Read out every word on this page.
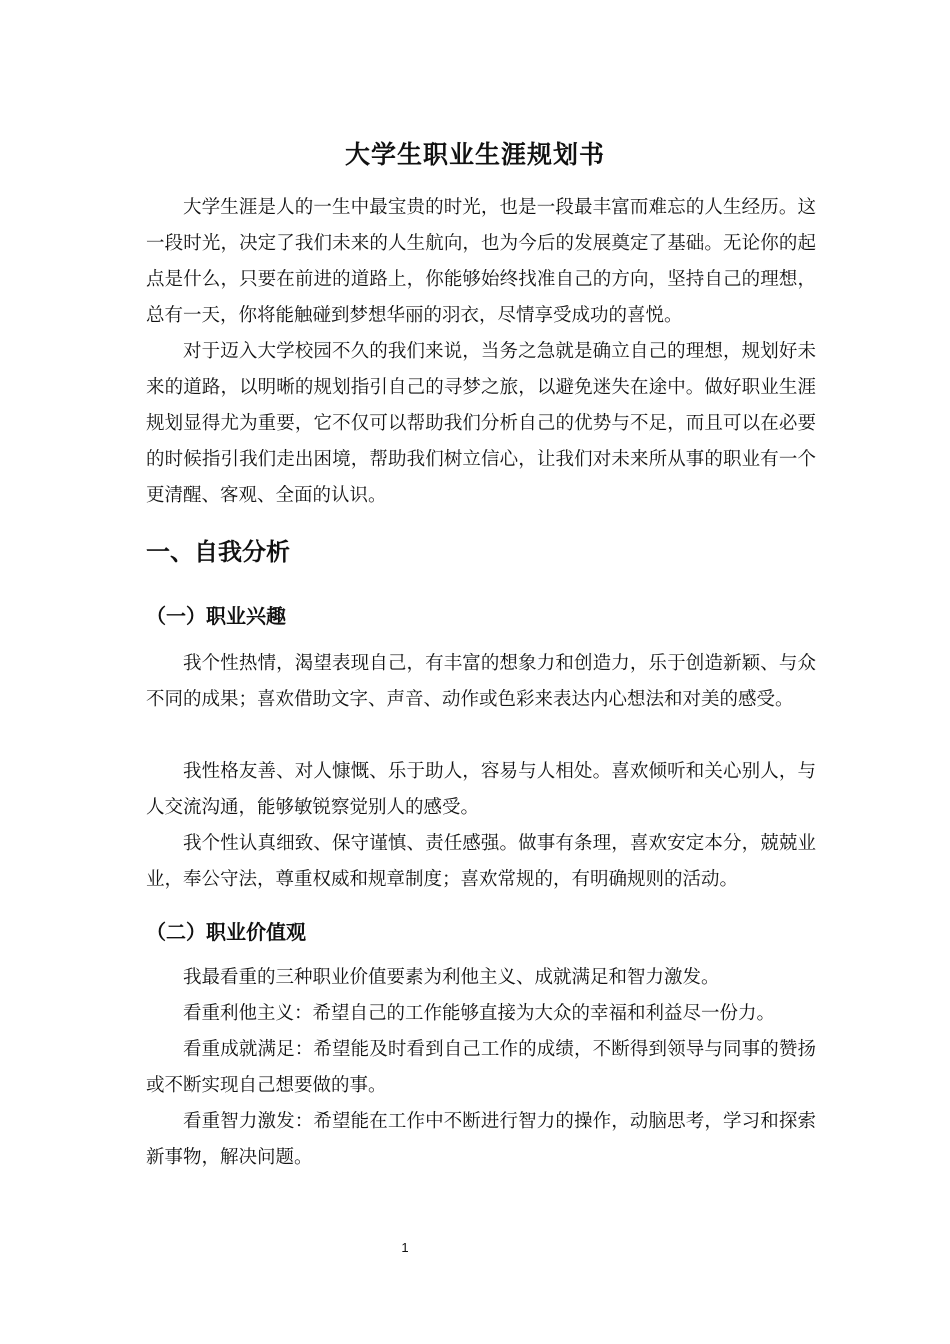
大学生职业生涯规划书

大学生涯是人的一生中最宝贵的时光，也是一段最丰富而难忘的人生经历。这一段时光，决定了我们未来的人生航向，也为今后的发展奠定了基础。无论你的起点是什么，只要在前进的道路上，你能够始终找准自己的方向，坚持自己的理想，总有一天，你将能触碰到梦想华丽的羽衣，尽情享受成功的喜悦。

对于迈入大学校园不久的我们来说，当务之急就是确立自己的理想，规划好未来的道路，以明晰的规划指引自己的寻梦之旅，以避免迷失在途中。做好职业生涯规划显得尤为重要，它不仅可以帮助我们分析自己的优势与不足，而且可以在必要的时候指引我们走出困境，帮助我们树立信心，让我们对未来所从事的职业有一个更清醒、客观、全面的认识。

一、自我分析
（一）职业兴趣

我个性热情，渴望表现自己，有丰富的想象力和创造力，乐于创造新颖、与众不同的成果；喜欢借助文字、声音、动作或色彩来表达内心想法和对美的感受。

我性格友善、对人慷慨、乐于助人，容易与人相处。喜欢倾听和关心别人，与人交流沟通，能够敏锐察觉别人的感受。

我个性认真细致、保守谨慎、责任感强。做事有条理，喜欢安定本分，兢兢业业，奉公守法，尊重权威和规章制度；喜欢常规的，有明确规则的活动。

（二）职业价值观

我最看重的三种职业价值要素为利他主义、成就满足和智力激发。

看重利他主义：希望自己的工作能够直接为大众的幸福和利益尽一份力。

看重成就满足：希望能及时看到自己工作的成绩，不断得到领导与同事的赞扬或不断实现自己想要做的事。

看重智力激发：希望能在工作中不断进行智力的操作，动脑思考，学习和探索新事物，解决问题。

1
